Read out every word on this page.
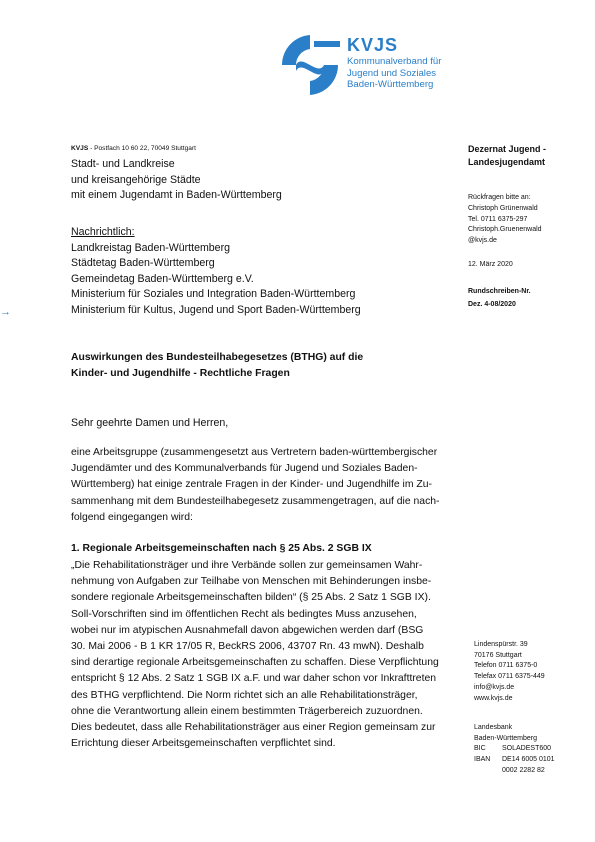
KVJS
Kommunalverband für
Jugend und Soziales
Baden-Württemberg
KVJS - Postfach 10 60 22, 70049 Stuttgart
Stadt- und Landkreise
und kreisangehörige Städte
mit einem Jugendamt in Baden-Württemberg
Nachrichtlich:
Landkreistag Baden-Württemberg
Städtetag Baden-Württemberg
Gemeindetag Baden-Württemberg e.V.
Ministerium für Soziales und Integration Baden-Württemberg
Ministerium für Kultus, Jugend und Sport Baden-Württemberg
→
Auswirkungen des Bundesteilhabegesetzes (BTHG) auf die
Kinder- und Jugendhilfe - Rechtliche Fragen
Sehr geehrte Damen und Herren,
eine Arbeitsgruppe (zusammengesetzt aus Vertretern baden-württembergischer
Jugendämter und des Kommunalverbands für Jugend und Soziales Baden-
Württemberg) hat einige zentrale Fragen in der Kinder- und Jugendhilfe im Zu-
sammenhang mit dem Bundesteilhabegesetz zusammengetragen, auf die nach-
folgend eingegangen wird:
1. Regionale Arbeitsgemeinschaften nach § 25 Abs. 2 SGB IX
„Die Rehabilitationsträger und ihre Verbände sollen zur gemeinsamen Wahr-
nehmung von Aufgaben zur Teilhabe von Menschen mit Behinderungen insbe-
sondere regionale Arbeitsgemeinschaften bilden“ (§ 25 Abs. 2 Satz 1 SGB IX).
Soll-Vorschriften sind im öffentlichen Recht als bedingtes Muss anzusehen,
wobei nur im atypischen Ausnahmefall davon abgewichen werden darf (BSG
30. Mai 2006 - B 1 KR 17/05 R, BeckRS 2006, 43707 Rn. 43 mwN). Deshalb
sind derartige regionale Arbeitsgemeinschaften zu schaffen. Diese Verpflichtung
entspricht § 12 Abs. 2 Satz 1 SGB IX a.F. und war daher schon vor Inkrafttreten
des BTHG verpflichtend. Die Norm richtet sich an alle Rehabilitationsträger,
ohne die Verantwortung allein einem bestimmten Trägerbereich zuzuordnen.
Dies bedeutet, dass alle Rehabilitationsträger aus einer Region gemeinsam zur
Errichtung dieser Arbeitsgemeinschaften verpflichtet sind.
Dezernat Jugend -
Landesjugendamt
Rückfragen bitte an:
Christoph Grünenwald
Tel. 0711 6375-297
Christoph.Gruenenwald
@kvjs.de
12. März 2020
Rundschreiben-Nr.
Dez. 4-08/2020
Lindenspürstr. 39
70176 Stuttgart
Telefon 0711 6375-0
Telefax 0711 6375-449
info@kvjs.de
www.kvjs.de
Landesbank
Baden-Württemberg
BIC	SOLADEST600
IBAN	DE14 6005 0101
0002 2282 82
